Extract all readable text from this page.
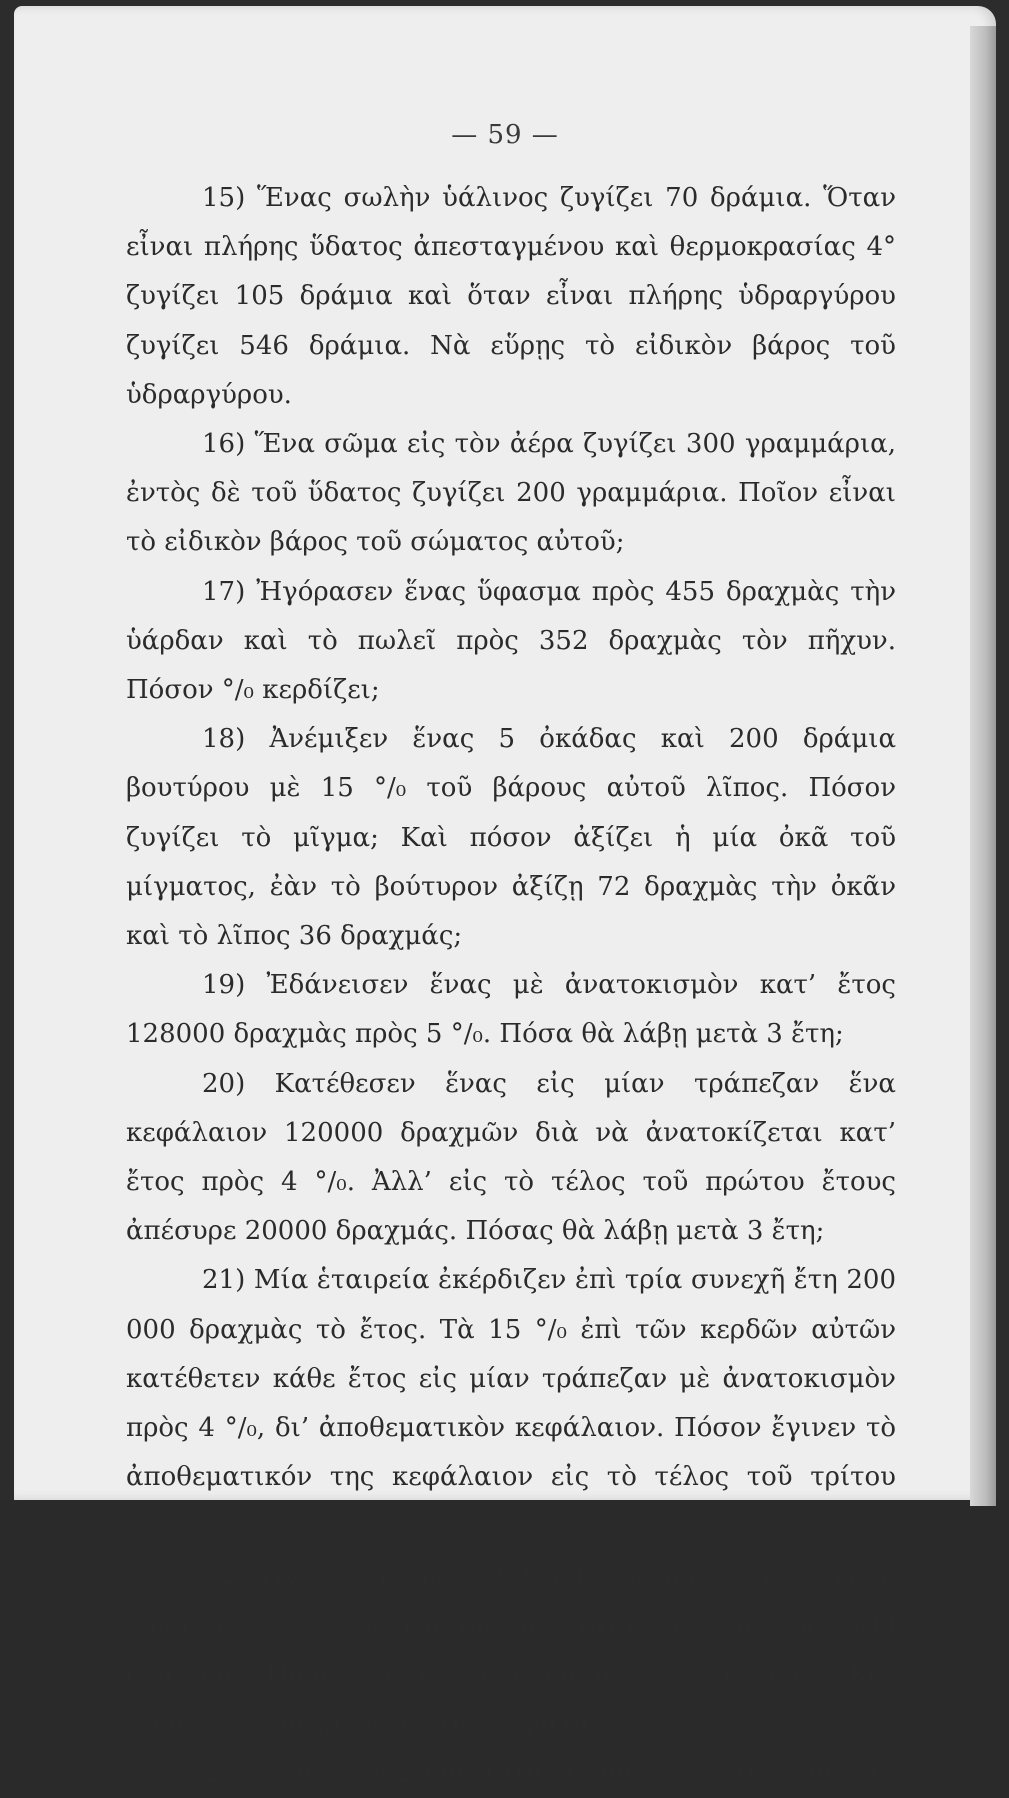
— 59 —

15) Ἕνας σωλὴν ὑάλινος ζυγίζει 70 δράμια. Ὅταν εἶναι πλήρης ὕδατος ἀπεσταγμένου καὶ θερμοκρασίας 4° ζυγίζει 105 δράμια καὶ ὅταν εἶναι πλήρης ὑδραργύρου ζυγίζει 546 δράμια. Νὰ εὕρῃς τὸ εἰδικὸν βάρος τοῦ ὑδραργύρου.

16) Ἕνα σῶμα εἰς τὸν ἀέρα ζυγίζει 300 γραμμάρια, ἐντὸς δὲ τοῦ ὕδατος ζυγίζει 200 γραμμάρια. Ποῖον εἶναι τὸ εἰδικὸν βάρος τοῦ σώματος αὐτοῦ;

17) Ἠγόρασεν ἕνας ὕφασμα πρὸς 455 δραχμὰς τὴν ὑάρδαν καὶ τὸ πωλεῖ πρὸς 352 δραχμὰς τὸν πῆχυν. Πόσον °/₀ κερδίζει;

18) Ἀνέμιξεν ἕνας 5 ὀκάδας καὶ 200 δράμια βουτύρου μὲ 15 °/₀ τοῦ βάρους αὐτοῦ λῖπος. Πόσον ζυγίζει τὸ μῖγμα; Καὶ πόσον ἀξίζει ἡ μία ὀκᾶ τοῦ μίγματος, ἐὰν τὸ βούτυρον ἀξίζῃ 72 δραχμὰς τὴν ὀκᾶν καὶ τὸ λῖπος 36 δραχμάς;

19) Ἐδάνεισεν ἕνας μὲ ἀνατοκισμὸν κατ’ ἔτος 128000 δραχμὰς πρὸς 5 °/₀. Πόσα θὰ λάβῃ μετὰ 3 ἔτη;

20) Κατέθεσεν ἕνας εἰς μίαν τράπεζαν ἕνα κεφάλαιον 120000 δραχμῶν διὰ νὰ ἀνατοκίζεται κατ’ ἔτος πρὸς 4 °/₀. Ἀλλ’ εἰς τὸ τέλος τοῦ πρώτου ἔτους ἀπέσυρε 20000 δραχμάς. Πόσας θὰ λάβῃ μετὰ 3 ἔτη;

21) Μία ἑταιρεία ἐκέρδιζεν ἐπὶ τρία συνεχῆ ἔτη 200 000 δραχμὰς τὸ ἔτος. Τὰ 15 °/₀ ἐπὶ τῶν κερδῶν αὐτῶν κατέθετεν κάθε ἔτος εἰς μίαν τράπεζαν μὲ ἀνατοκισμὸν πρὸς 4 °/₀, δι’ ἀποθεματικὸν κεφάλαιον. Πόσον ἔγινεν τὸ ἀποθεματικόν της κεφάλαιον εἰς τὸ τέλος τοῦ τρίτου ἔτους;

22) Ἠγόρασεν ἕνας 500 μετοχὰς πρὸς 85 δραχμὰς τὴν μίαν. Ἔλαβε δὲ μέρισμα ἀπὸ αὐτὰς εἰς ἕνα ἔτος 3400 δραχμάς. Πόσον εἶναι τὸ μέρισμα κατὰ μετοχήν; Καὶ πόσον °/₀ τοῦ ἔρχονται τὰ χρήματά του;

23) Ἕνας ἔχει 2 ποιότητας οἴνου. Ἡ πρώτη ποιότης
